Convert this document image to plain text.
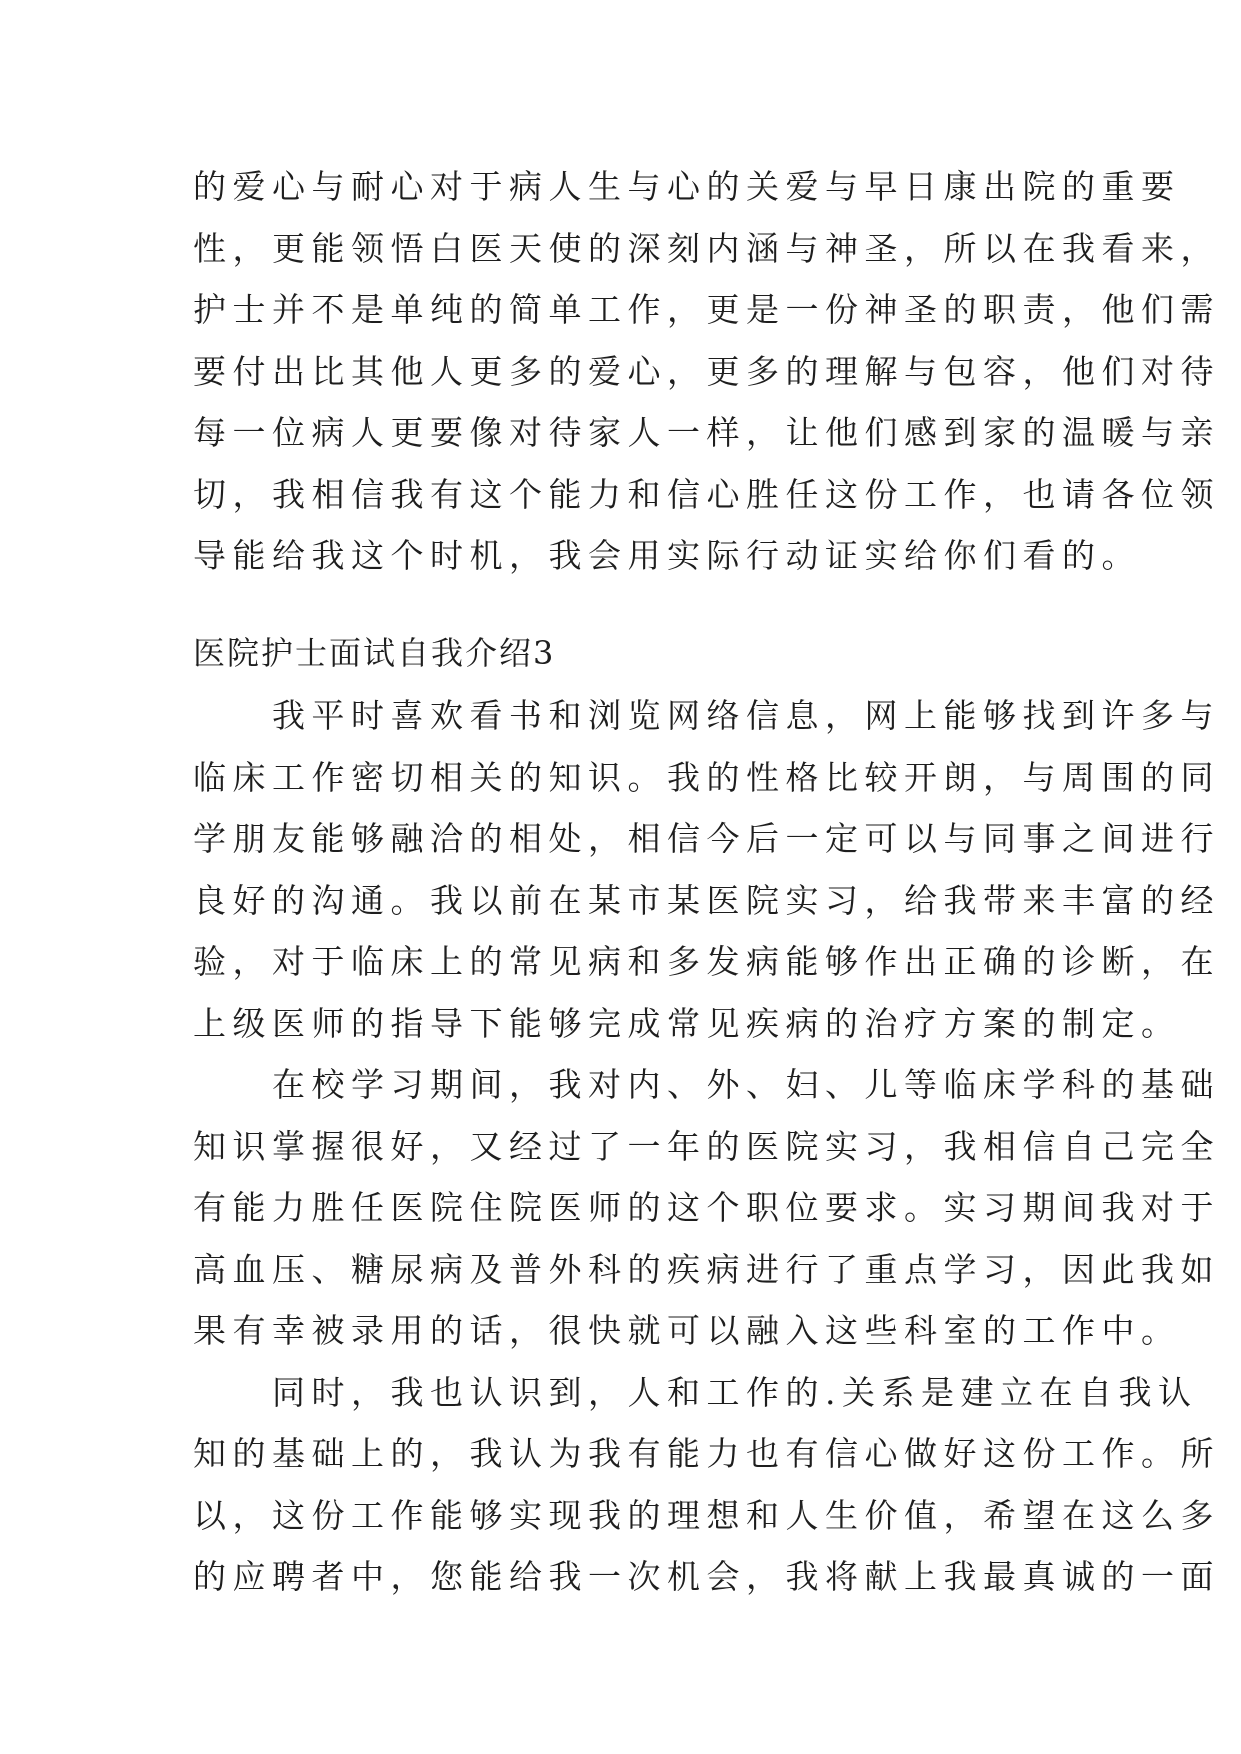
的爱心与耐心对于病人生与心的关爱与早日康出院的重要
性，更能领悟白医天使的深刻内涵与神圣，所以在我看来，
护士并不是单纯的简单工作，更是一份神圣的职责，他们需
要付出比其他人更多的爱心，更多的理解与包容，他们对待
每一位病人更要像对待家人一样，让他们感到家的温暖与亲
切，我相信我有这个能力和信心胜任这份工作，也请各位领
导能给我这个时机，我会用实际行动证实给你们看的。
医院护士面试自我介绍3
　　我平时喜欢看书和浏览网络信息，网上能够找到许多与
临床工作密切相关的知识。我的性格比较开朗，与周围的同
学朋友能够融洽的相处，相信今后一定可以与同事之间进行
良好的沟通。我以前在某市某医院实习，给我带来丰富的经
验，对于临床上的常见病和多发病能够作出正确的诊断，在
上级医师的指导下能够完成常见疾病的治疗方案的制定。
　　在校学习期间，我对内、外、妇、儿等临床学科的基础
知识掌握很好，又经过了一年的医院实习，我相信自己完全
有能力胜任医院住院医师的这个职位要求。实习期间我对于
高血压、糖尿病及普外科的疾病进行了重点学习，因此我如
果有幸被录用的话，很快就可以融入这些科室的工作中。
　　同时，我也认识到，人和工作的.关系是建立在自我认
知的基础上的，我认为我有能力也有信心做好这份工作。所
以，这份工作能够实现我的理想和人生价值，希望在这么多
的应聘者中，您能给我一次机会，我将献上我最真诚的一面
